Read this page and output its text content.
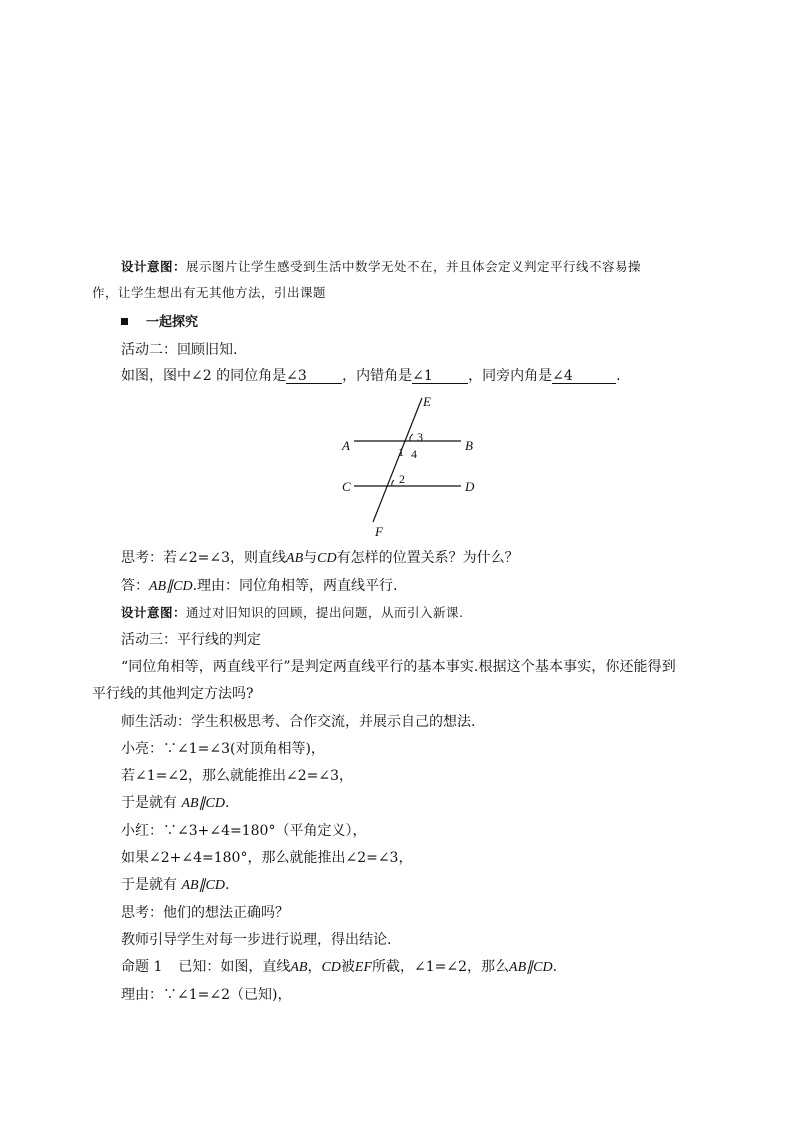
设计意图：展示图片让学生感受到生活中数学无处不在，并且体会定义判定平行线不容易操
作，让学生想出有无其他方法，引出课题
一起探究
活动二：回顾旧知.
如图，图中∠2 的同位角是∠3	，内错角是∠1	，同旁内角是∠4	.
E
A	B
C	D
F
3
1 4
2
思考：若∠2=∠3，则直线AB与CD有怎样的位置关系？为什么？
答：AB∥CD.理由：同位角相等，两直线平行.
设计意图：通过对旧知识的回顾，提出问题，从而引入新课.
活动三：平行线的判定
“同位角相等，两直线平行”是判定两直线平行的基本事实.根据这个基本事实，你还能得到
平行线的其他判定方法吗?
师生活动：学生积极思考、合作交流，并展示自己的想法.
小亮：∵∠1=∠3(对顶角相等)，
若∠1=∠2，那么就能推出∠2=∠3，
于是就有 AB∥CD.
小红：∵∠3+∠4=180°（平角定义），
如果∠2+∠4=180°，那么就能推出∠2=∠3，
于是就有 AB∥CD.
思考：他们的想法正确吗？
教师引导学生对每一步进行说理，得出结论.
命题 1 已知：如图，直线AB，CD被EF所截，∠1=∠2，那么AB∥CD.
理由：∵∠1=∠2（已知)，
